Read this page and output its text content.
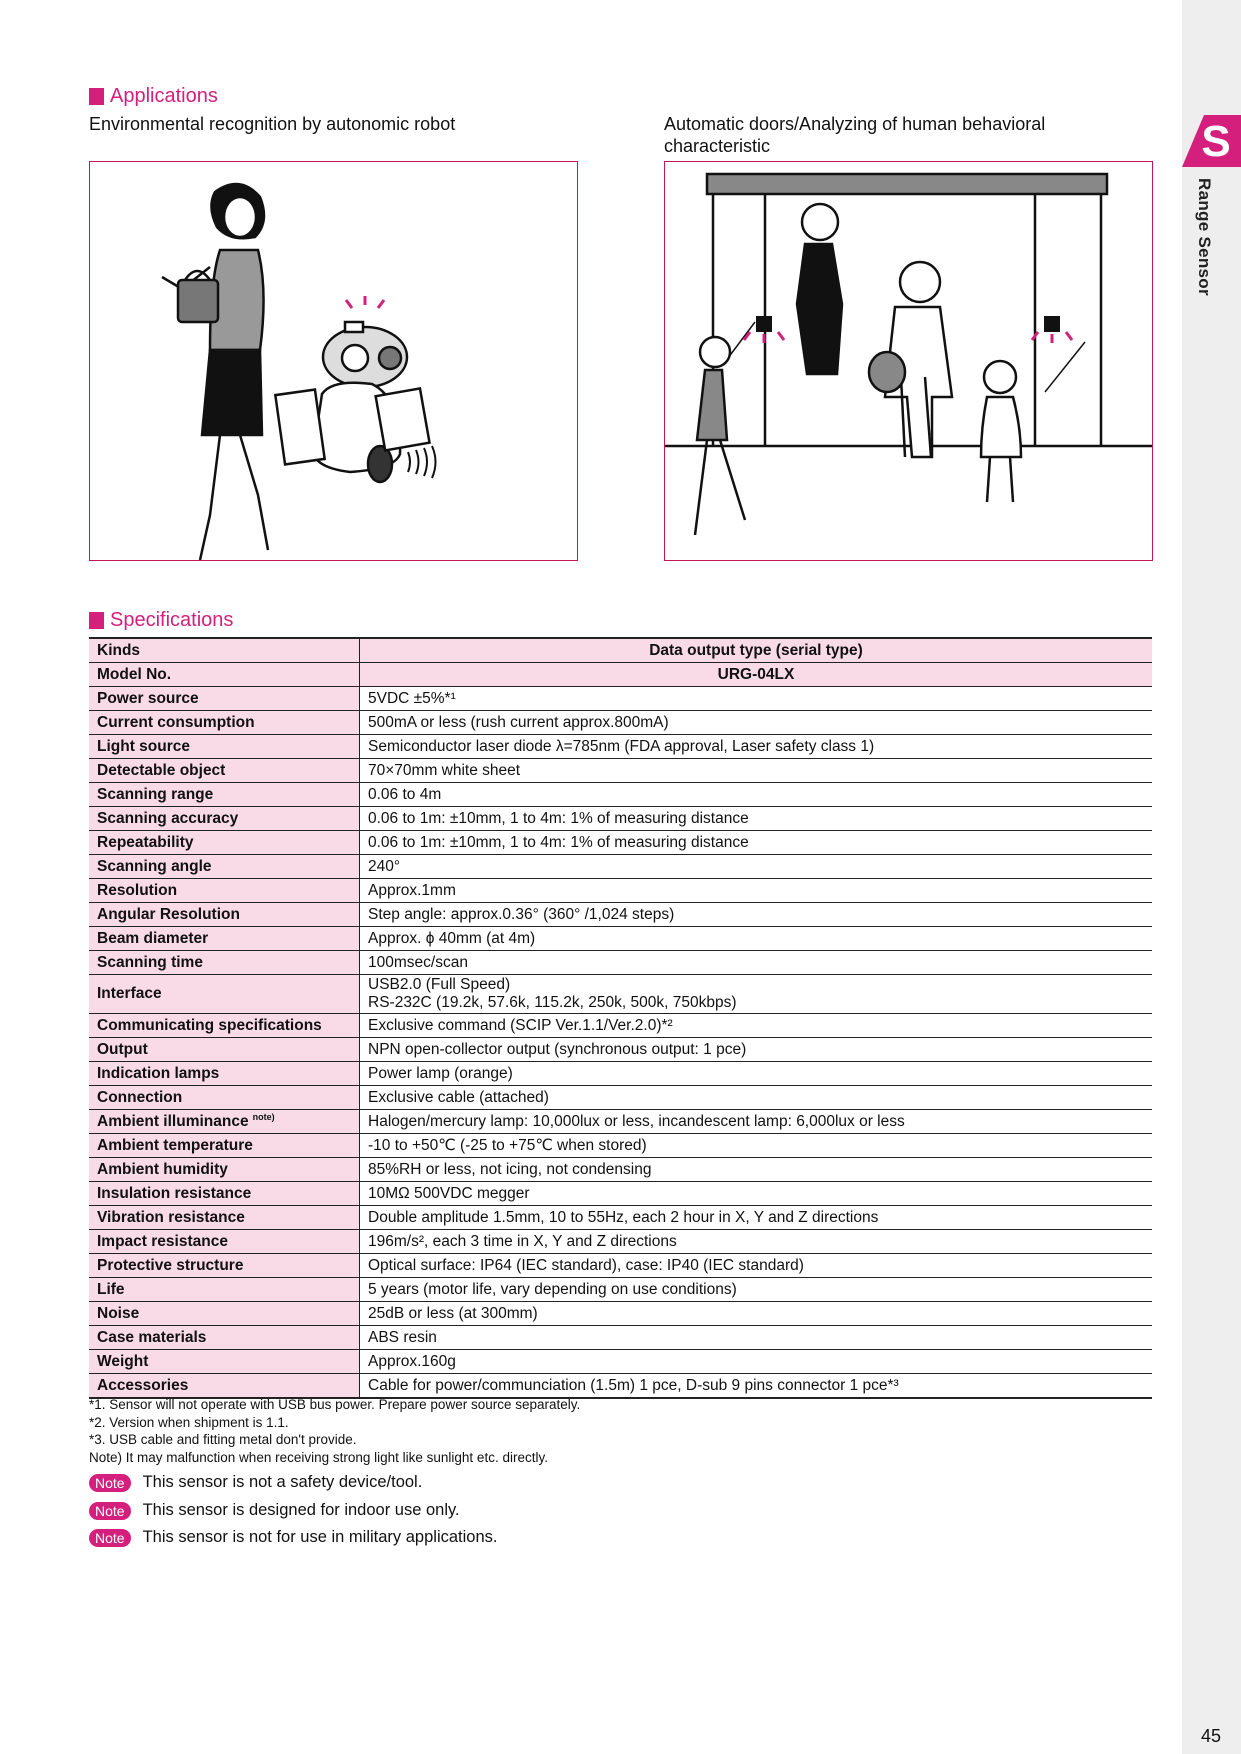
S
Range Sensor
45
Applications
Environmental recognition by autonomic robot	Automatic doors/Analyzing of human behavioral characteristic
Specifications
Kinds	Data output type (serial type)

Model No.	URG-04LX

Power source	5VDC ±5%*¹

Current consumption	500mA or less (rush current approx.800mA)

Light source	Semiconductor laser diode λ=785nm (FDA approval, Laser safety class 1)

Detectable object	70×70mm white sheet

Scanning range	0.06 to 4m

Scanning accuracy	0.06 to 1m: ±10mm, 1 to 4m: 1% of measuring distance

Repeatability	0.06 to 1m: ±10mm, 1 to 4m: 1% of measuring distance

Scanning angle	240°

Resolution	Approx.1mm

Angular Resolution	Step angle: approx.0.36° (360° /1,024 steps)

Beam diameter	Approx. ϕ 40mm (at 4m)

Scanning time	100msec/scan

Interface	USB2.0 (Full Speed)
RS-232C (19.2k, 57.6k, 115.2k, 250k, 500k, 750kbps)

Communicating specifications	Exclusive command (SCIP Ver.1.1/Ver.2.0)*²

Output	NPN open-collector output (synchronous output: 1 pce)

Indication lamps	Power lamp (orange)

Connection	Exclusive cable (attached)

Ambient illuminance $^{note)}$	Halogen/mercury lamp: 10,000lux or less, incandescent lamp: 6,000lux or less

Ambient temperature	-10 to +50℃ (-25 to +75℃ when stored)

Ambient humidity	85%RH or less, not icing, not condensing

Insulation resistance	10MΩ 500VDC megger

Vibration resistance	Double amplitude 1.5mm, 10 to 55Hz, each 2 hour in X, Y and Z directions

Impact resistance	196m/s², each 3 time in X, Y and Z directions

Protective structure	Optical surface: IP64 (IEC standard), case: IP40 (IEC standard)

Life	5 years (motor life, vary depending on use conditions)

Noise	25dB or less (at 300mm)

Case materials	ABS resin

Weight	Approx.160g

Accessories	Cable for power/communciation (1.5m) 1 pce, D-sub 9 pins connector 1 pce*³
*1. Sensor will not operate with USB bus power. Prepare power source separately.
*2. Version when shipment is 1.1.
*3. USB cable and fitting metal don't provide.
Note) It may malfunction when receiving strong light like sunlight etc. directly.
Note	This sensor is not a safety device/tool.
Note	This sensor is designed for indoor use only.
Note	This sensor is not for use in military applications.
